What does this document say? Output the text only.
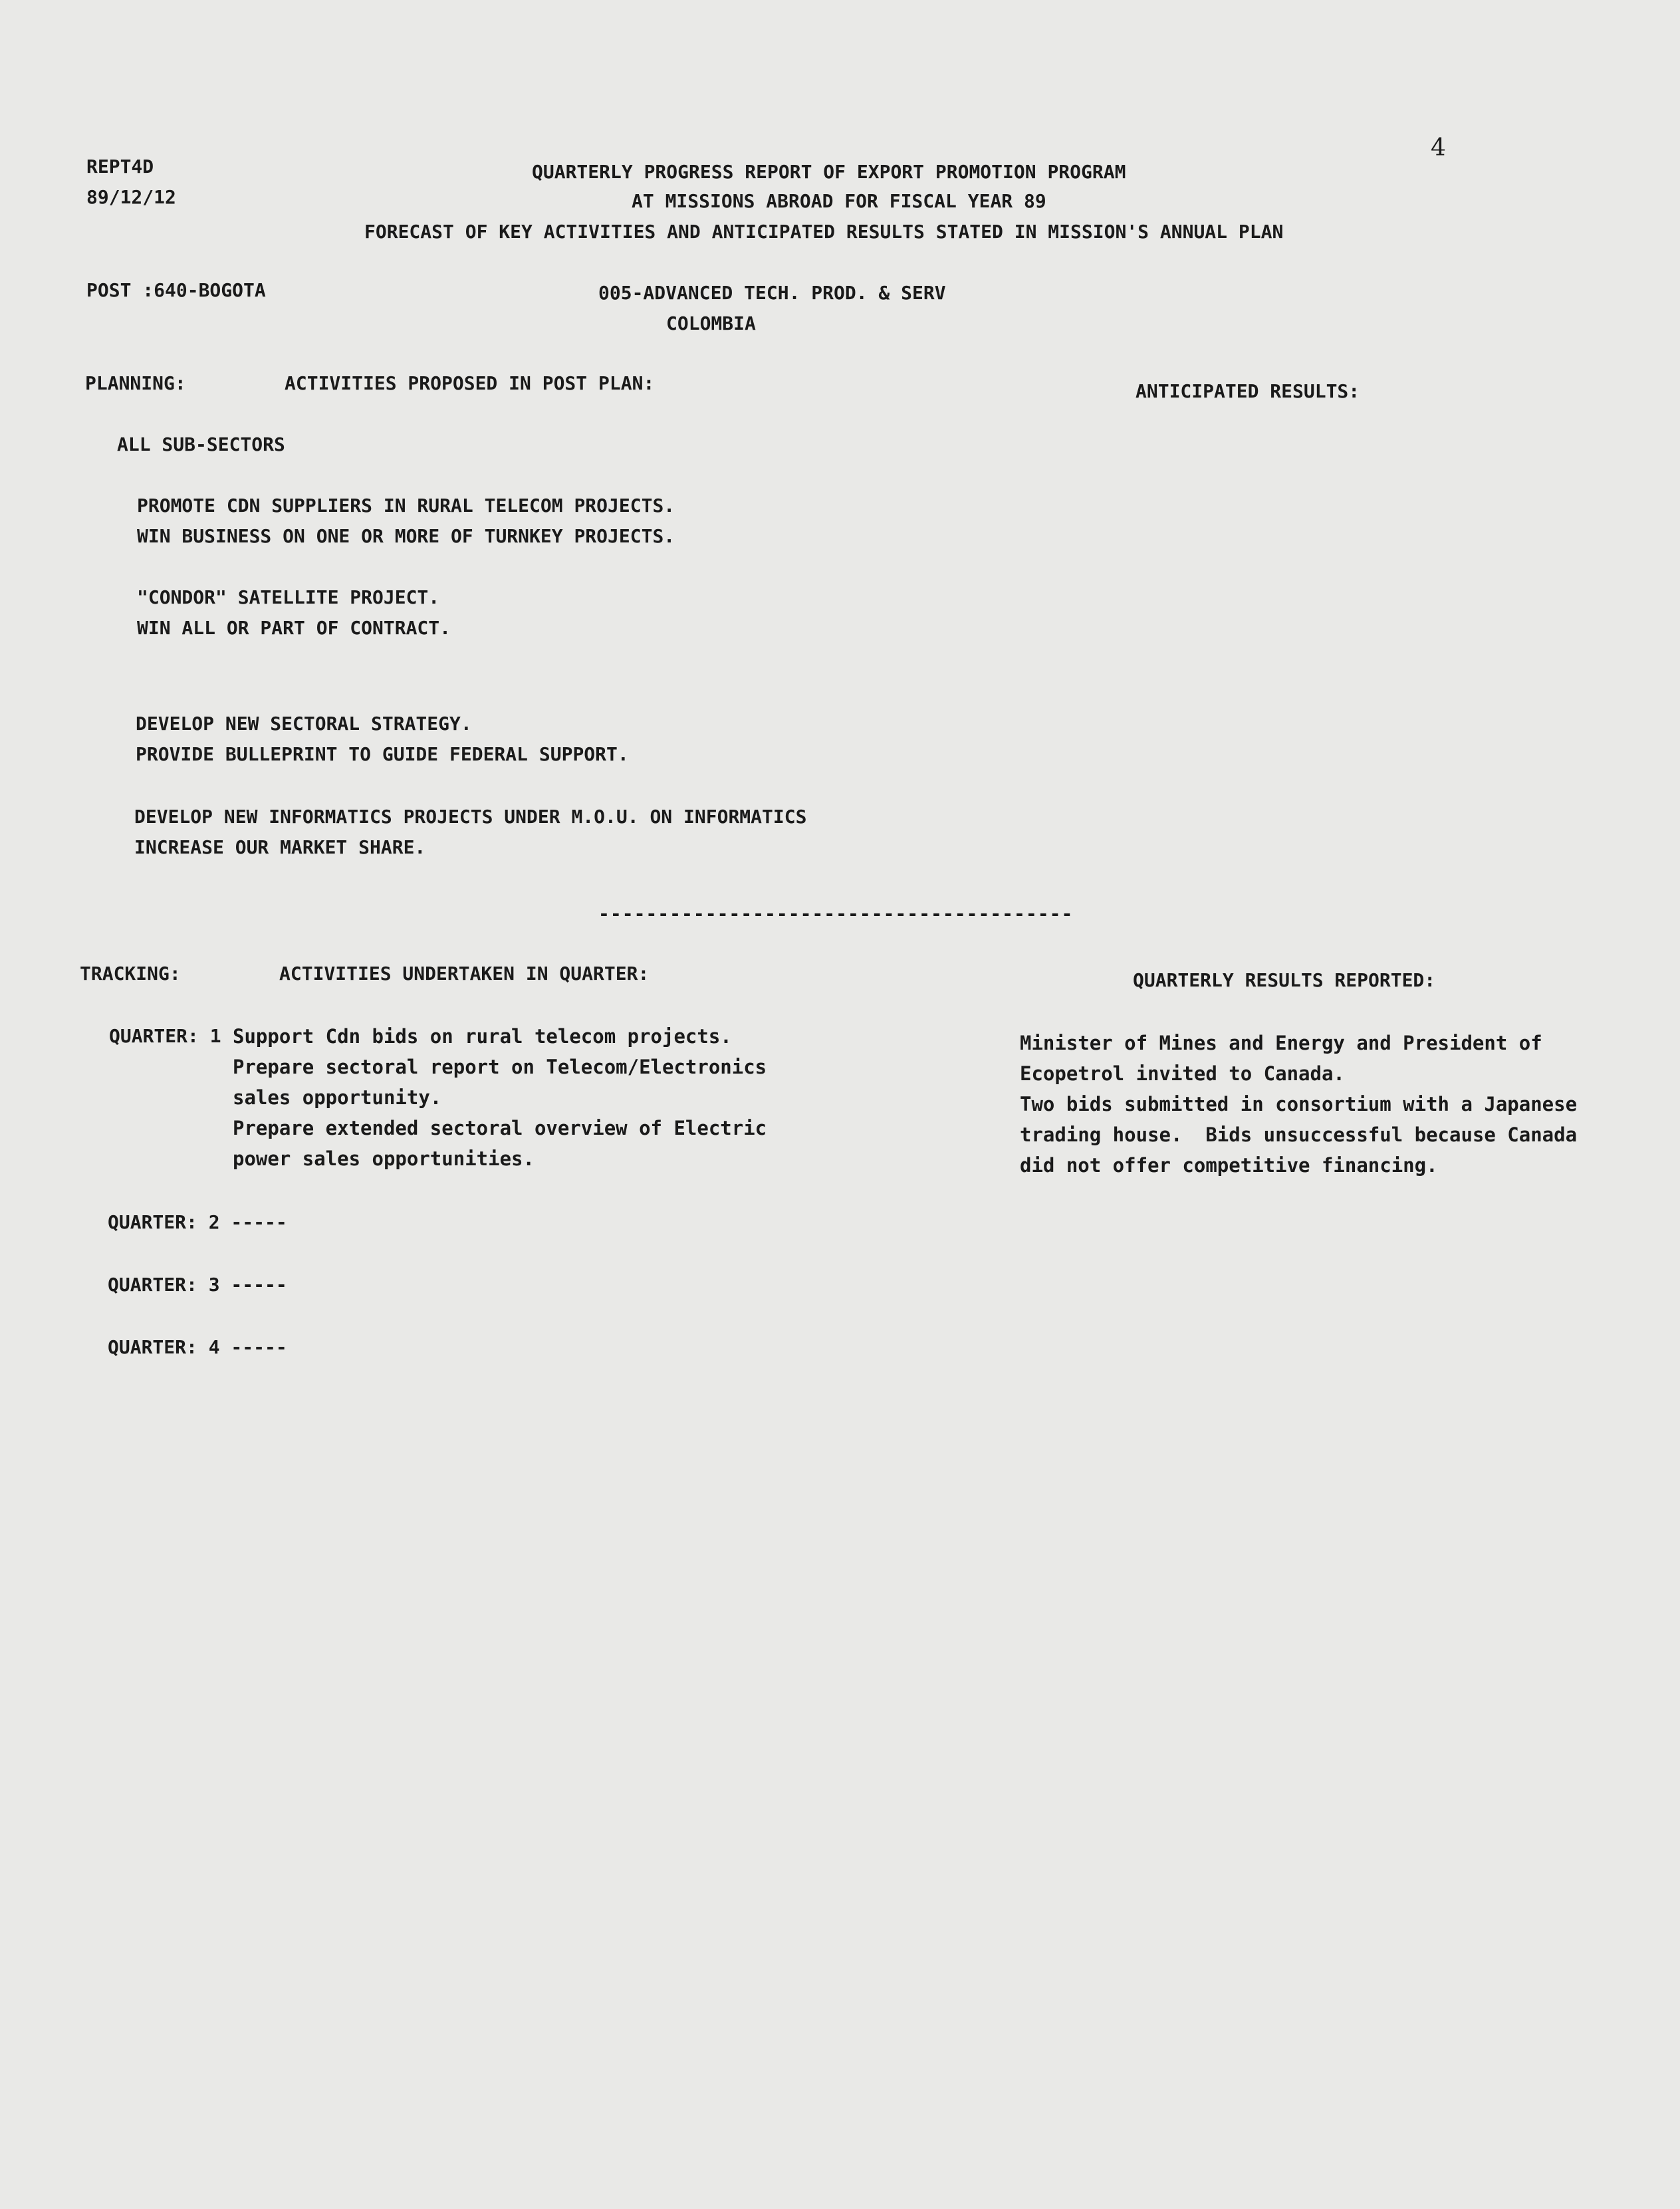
REPT4D
89/12/12
4
QUARTERLY PROGRESS REPORT OF EXPORT PROMOTION PROGRAM
AT MISSIONS ABROAD FOR FISCAL YEAR 89
FORECAST OF KEY ACTIVITIES AND ANTICIPATED RESULTS STATED IN MISSION'S ANNUAL PLAN
POST :640-BOGOTA	005-ADVANCED TECH. PROD. & SERV
COLOMBIA
PLANNING:	ACTIVITIES PROPOSED IN POST PLAN:	ANTICIPATED RESULTS:
ALL SUB-SECTORS
PROMOTE CDN SUPPLIERS IN RURAL TELECOM PROJECTS.
WIN BUSINESS ON ONE OR MORE OF TURNKEY PROJECTS.
"CONDOR" SATELLITE PROJECT.
WIN ALL OR PART OF CONTRACT.
DEVELOP NEW SECTORAL STRATEGY.
PROVIDE BULLEPRINT TO GUIDE FEDERAL SUPPORT.
DEVELOP NEW INFORMATICS PROJECTS UNDER M.O.U. ON INFORMATICS
INCREASE OUR MARKET SHARE.
----------------------------------------
TRACKING:	ACTIVITIES UNDERTAKEN IN QUARTER:	QUARTERLY RESULTS REPORTED:
QUARTER: 1 Support Cdn bids on rural telecom projects.
Prepare sectoral report on Telecom/Electronics
sales opportunity.
Prepare extended sectoral overview of Electric
power sales opportunities.
Minister of Mines and Energy and President of
Ecopetrol invited to Canada.
Two bids submitted in consortium with a Japanese
trading house.  Bids unsuccessful because Canada
did not offer competitive financing.
QUARTER: 2 -----
QUARTER: 3 -----
QUARTER: 4 -----
